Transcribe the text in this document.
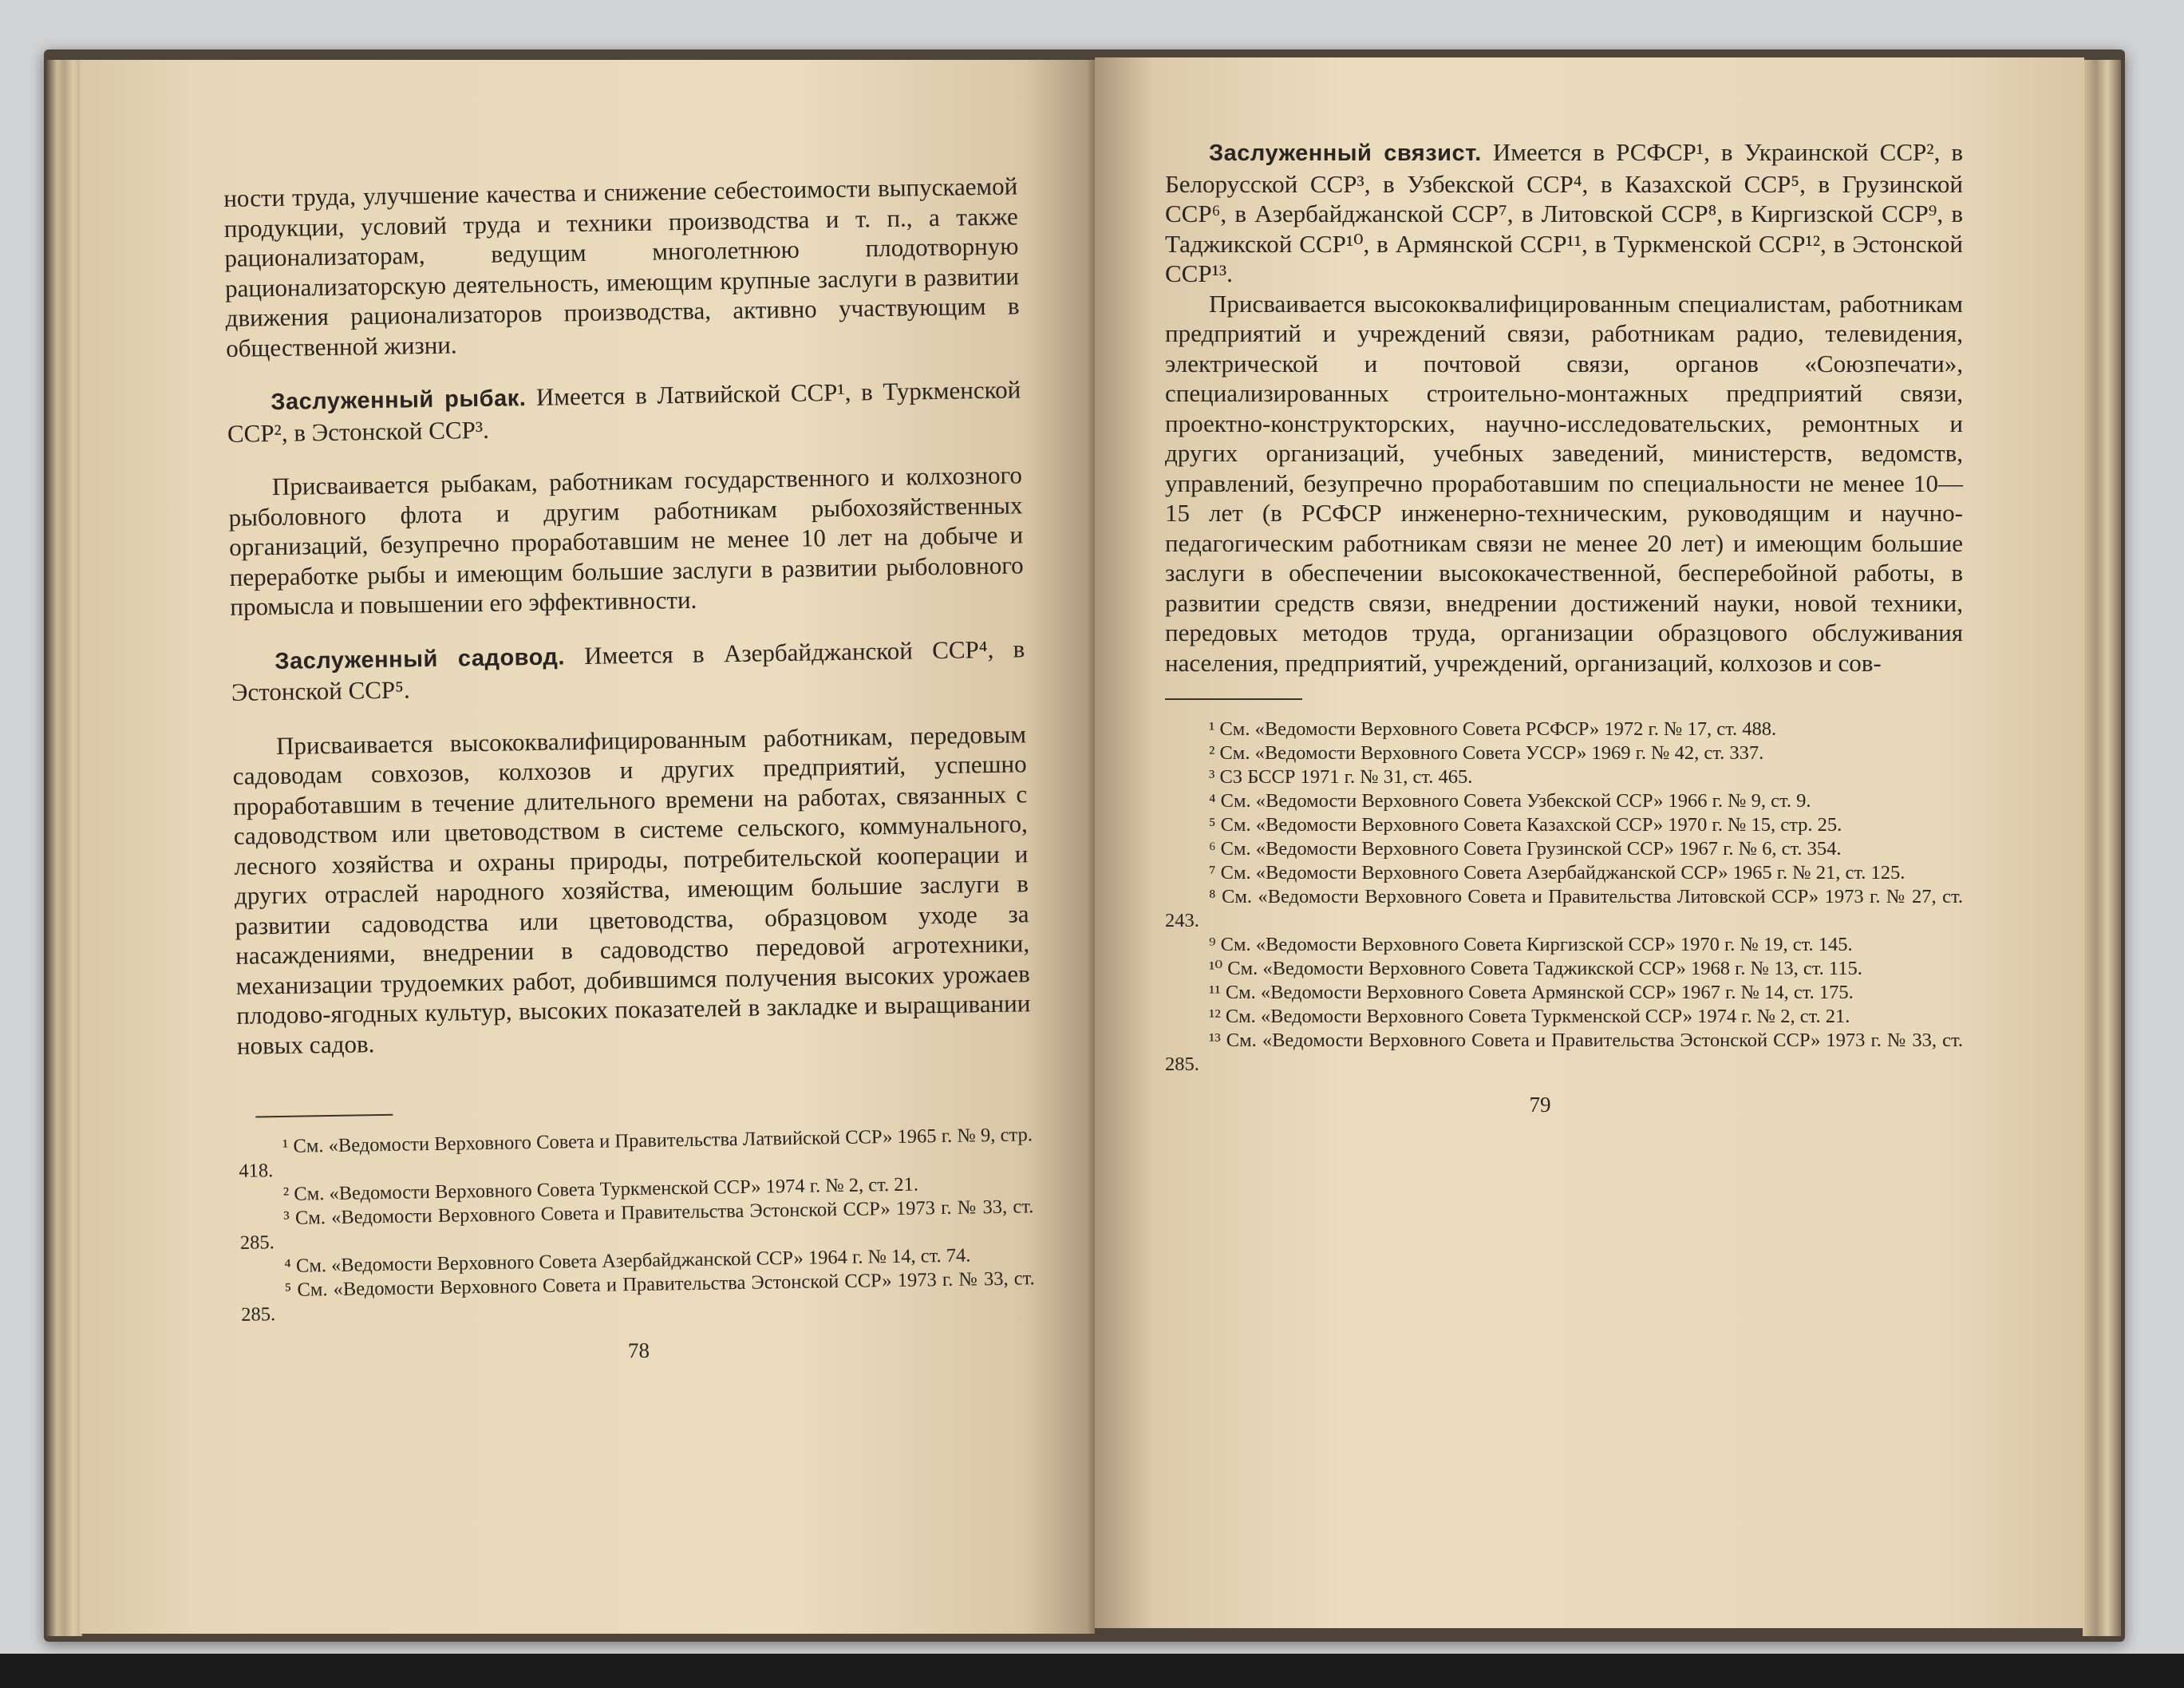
ности труда, улучшение качества и снижение себестоимости выпускаемой продукции, условий труда и техники производства и т. п., а также рационализаторам, ведущим многолетнюю плодотворную рационализаторскую деятельность, имеющим крупные заслуги в развитии движения рационализаторов производства, активно участвующим в общественной жизни.

Заслуженный рыбак. Имеется в Латвийской ССР¹, в Туркменской ССР², в Эстонской ССР³.

Присваивается рыбакам, работникам государственного и колхозного рыболовного флота и другим работникам рыбохозяйственных организаций, безупречно проработавшим не менее 10 лет на добыче и переработке рыбы и имеющим большие заслуги в развитии рыболовного промысла и повышении его эффективности.

Заслуженный садовод. Имеется в Азербайджанской ССР⁴, в Эстонской ССР⁵.

Присваивается высококвалифицированным работникам, передовым садоводам совхозов, колхозов и других предприятий, успешно проработавшим в течение длительного времени на работах, связанных с садоводством или цветоводством в системе сельского, коммунального, лесного хозяйства и охраны природы, потребительской кооперации и других отраслей народного хозяйства, имеющим большие заслуги в развитии садоводства или цветоводства, образцовом уходе за насаждениями, внедрении в садоводство передовой агротехники, механизации трудоемких работ, добившимся получения высоких урожаев плодово-ягодных культур, высоких показателей в закладке и выращивании новых садов.

¹ См. «Ведомости Верховного Совета и Правительства Латвийской ССР» 1965 г. № 9, стр. 418.

² См. «Ведомости Верховного Совета Туркменской ССР» 1974 г. № 2, ст. 21.

³ См. «Ведомости Верховного Совета и Правительства Эстонской ССР» 1973 г. № 33, ст. 285.

⁴ См. «Ведомости Верховного Совета Азербайджанской ССР» 1964 г. № 14, ст. 74.

⁵ См. «Ведомости Верховного Совета и Правительства Эстонской ССР» 1973 г. № 33, ст. 285.

78

Заслуженный связист. Имеется в РСФСР¹, в Украинской ССР², в Белорусской ССР³, в Узбекской ССР⁴, в Казахской ССР⁵, в Грузинской ССР⁶, в Азербайджанской ССР⁷, в Литовской ССР⁸, в Киргизской ССР⁹, в Таджикской ССР¹⁰, в Армянской ССР¹¹, в Туркменской ССР¹², в Эстонской ССР¹³.

Присваивается высококвалифицированным специалистам, работникам предприятий и учреждений связи, работникам радио, телевидения, электрической и почтовой связи, органов «Союзпечати», специализированных строительно-монтажных предприятий связи, проектно-конструкторских, научно-исследовательских, ремонтных и других организаций, учебных заведений, министерств, ведомств, управлений, безупречно проработавшим по специальности не менее 10—15 лет (в РСФСР инженерно-техническим, руководящим и научно-педагогическим работникам связи не менее 20 лет) и имеющим большие заслуги в обеспечении высококачественной, бесперебойной работы, в развитии средств связи, внедрении достижений науки, новой техники, передовых методов труда, организации образцового обслуживания населения, предприятий, учреждений, организаций, колхозов и сов-

¹ См. «Ведомости Верховного Совета РСФСР» 1972 г. № 17, ст. 488.

² См. «Ведомости Верховного Совета УССР» 1969 г. № 42, ст. 337.

³ СЗ БССР 1971 г. № 31, ст. 465.

⁴ См. «Ведомости Верховного Совета Узбекской ССР» 1966 г. № 9, ст. 9.

⁵ См. «Ведомости Верховного Совета Казахской ССР» 1970 г. № 15, стр. 25.

⁶ См. «Ведомости Верховного Совета Грузинской ССР» 1967 г. № 6, ст. 354.

⁷ См. «Ведомости Верховного Совета Азербайджанской ССР» 1965 г. № 21, ст. 125.

⁸ См. «Ведомости Верховного Совета и Правительства Литовской ССР» 1973 г. № 27, ст. 243.

⁹ См. «Ведомости Верховного Совета Киргизской ССР» 1970 г. № 19, ст. 145.

¹⁰ См. «Ведомости Верховного Совета Таджикской ССР» 1968 г. № 13, ст. 115.

¹¹ См. «Ведомости Верховного Совета Армянской ССР» 1967 г. № 14, ст. 175.

¹² См. «Ведомости Верховного Совета Туркменской ССР» 1974 г. № 2, ст. 21.

¹³ См. «Ведомости Верховного Совета и Правительства Эстонской ССР» 1973 г. № 33, ст. 285.

79
